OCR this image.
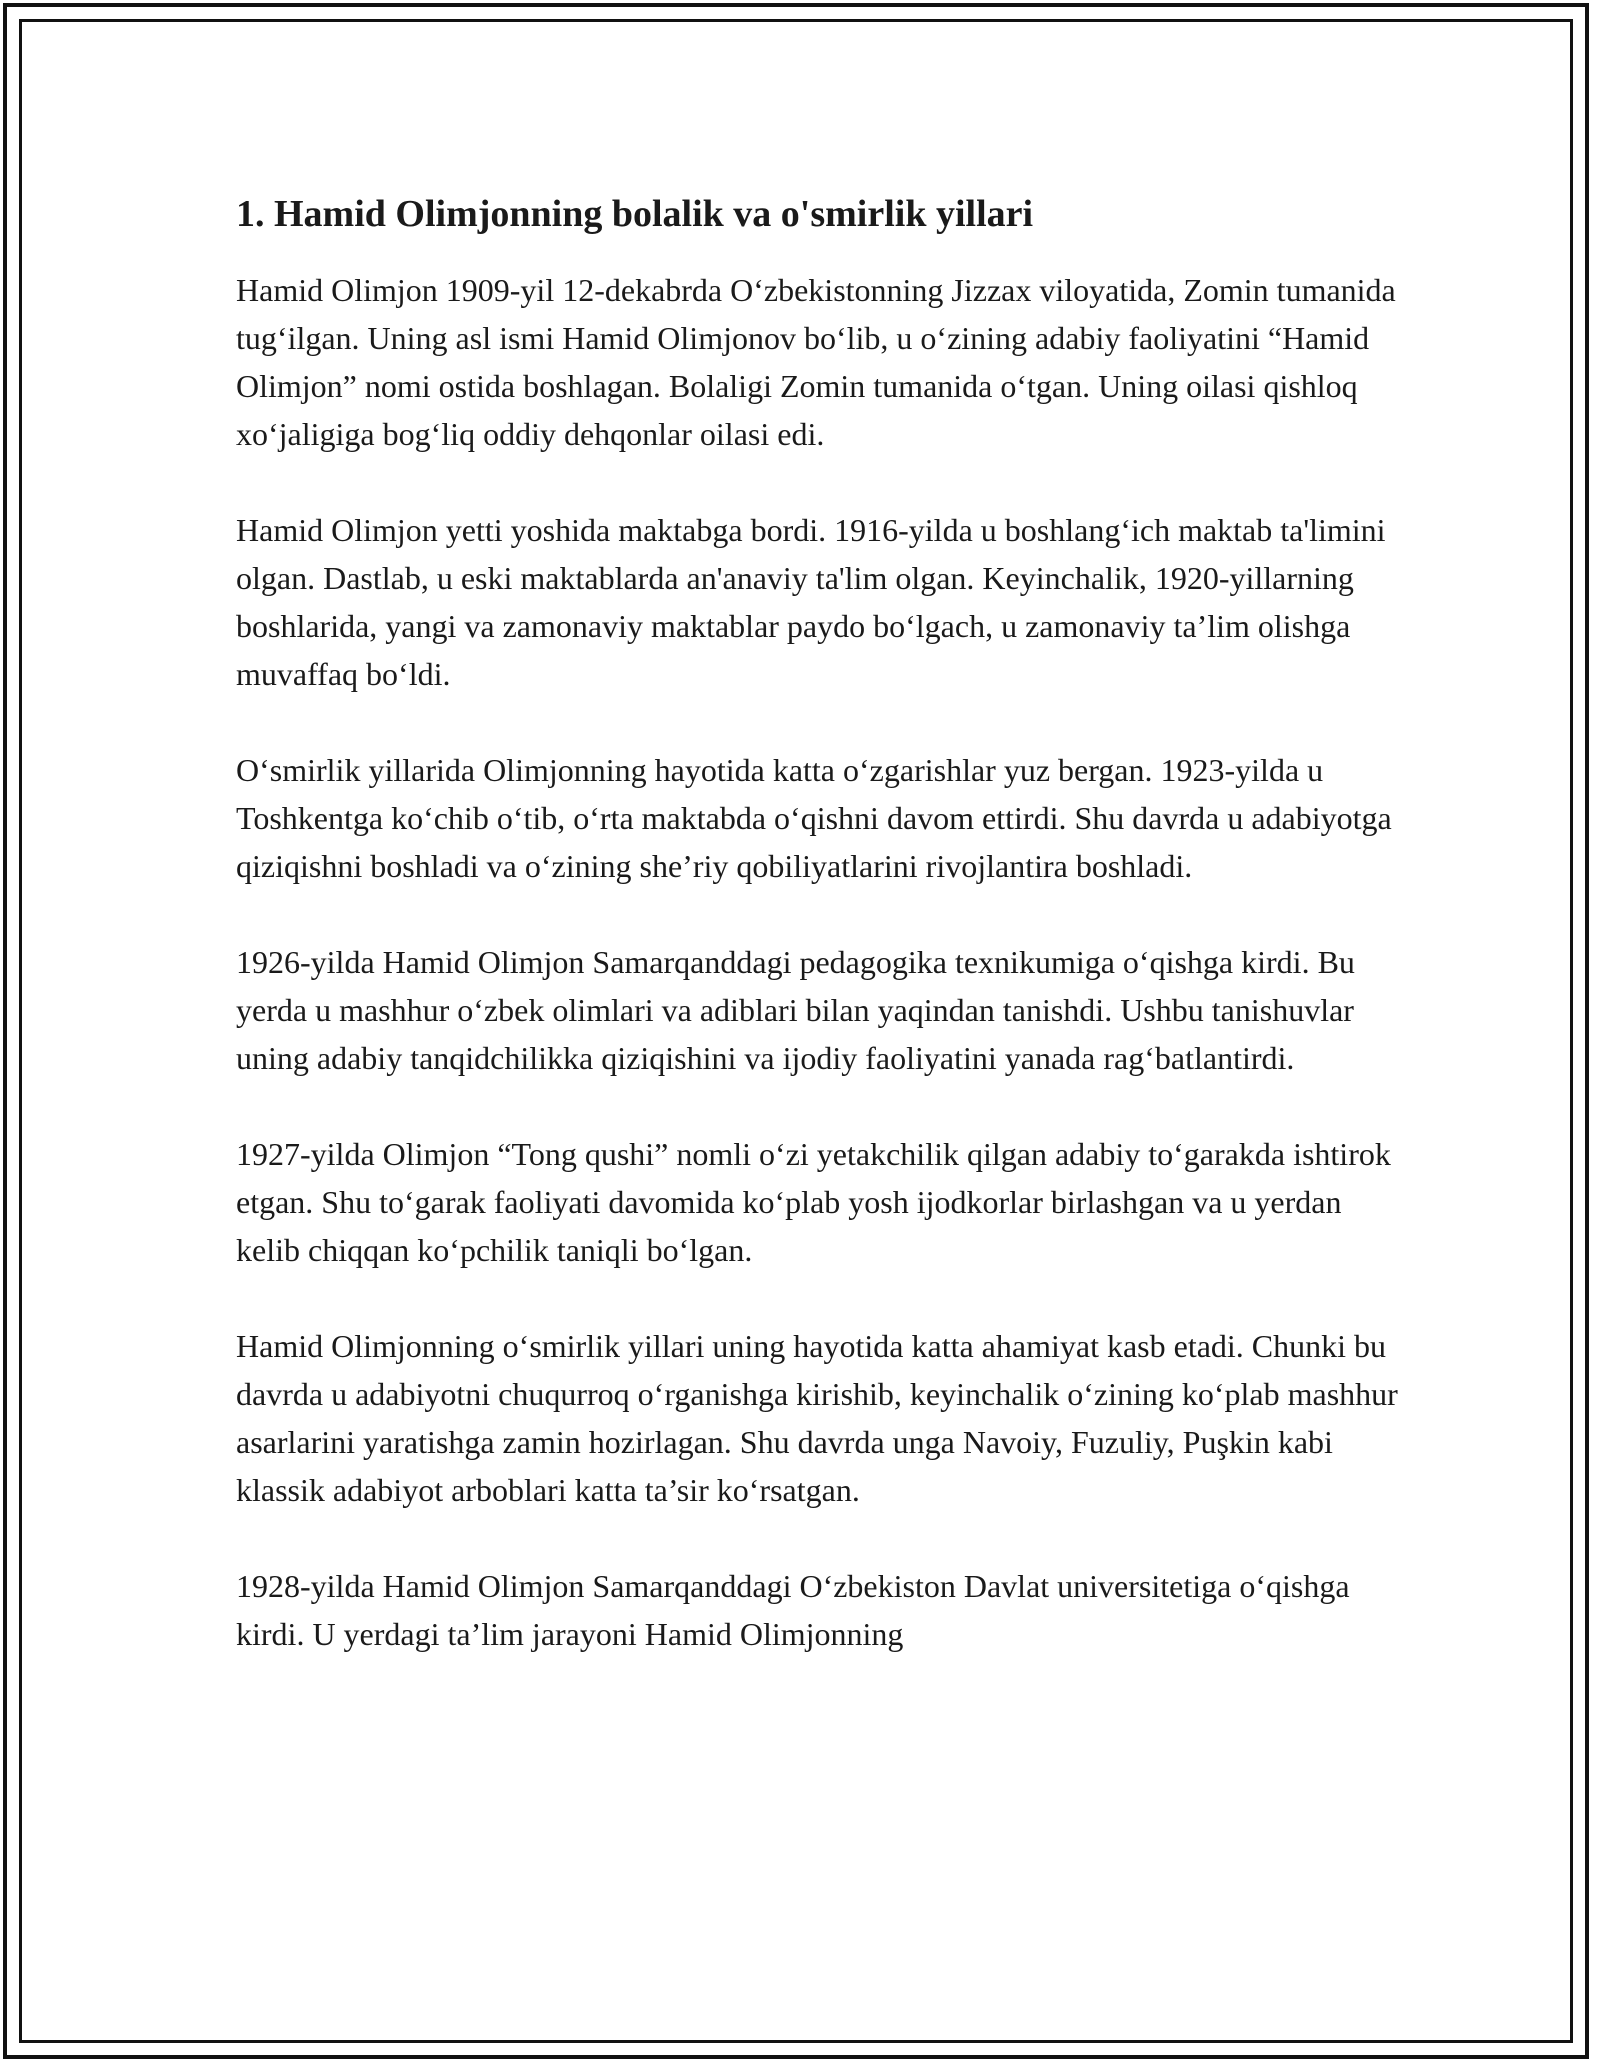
1. Hamid Olimjonning bolalik va o'smirlik yillari

Hamid Olimjon 1909-yil 12-dekabrda O‘zbekistonning Jizzax viloyatida, Zomin tumanida tug‘ilgan. Uning asl ismi Hamid Olimjonov bo‘lib, u o‘zining adabiy faoliyatini “Hamid Olimjon” nomi ostida boshlagan. Bolaligi Zomin tumanida o‘tgan. Uning oilasi qishloq xo‘jaligiga bog‘liq oddiy dehqonlar oilasi edi.

Hamid Olimjon yetti yoshida maktabga bordi. 1916-yilda u boshlang‘ich maktab ta'limini olgan. Dastlab, u eski maktablarda an'anaviy ta'lim olgan. Keyinchalik, 1920-yillarning boshlarida, yangi va zamonaviy maktablar paydo bo‘lgach, u zamonaviy ta’lim olishga muvaffaq bo‘ldi.

O‘smirlik yillarida Olimjonning hayotida katta o‘zgarishlar yuz bergan. 1923-yilda u Toshkentga ko‘chib o‘tib, o‘rta maktabda o‘qishni davom ettirdi. Shu davrda u adabiyotga qiziqishni boshladi va o‘zining she’riy qobiliyatlarini rivojlantira boshladi.

1926-yilda Hamid Olimjon Samarqanddagi pedagogika texnikumiga o‘qishga kirdi. Bu yerda u mashhur o‘zbek olimlari va adiblari bilan yaqindan tanishdi. Ushbu tanishuvlar uning adabiy tanqidchilikka qiziqishini va ijodiy faoliyatini yanada rag‘batlantirdi.

1927-yilda Olimjon “Tong qushi” nomli o‘zi yetakchilik qilgan adabiy to‘garakda ishtirok etgan. Shu to‘garak faoliyati davomida ko‘plab yosh ijodkorlar birlashgan va u yerdan kelib chiqqan ko‘pchilik taniqli bo‘lgan.

Hamid Olimjonning o‘smirlik yillari uning hayotida katta ahamiyat kasb etadi. Chunki bu davrda u adabiyotni chuqurroq o‘rganishga kirishib, keyinchalik o‘zining ko‘plab mashhur asarlarini yaratishga zamin hozirlagan. Shu davrda unga Navoiy, Fuzuliy, Puşkin kabi klassik adabiyot arboblari katta ta’sir ko‘rsatgan.

1928-yilda Hamid Olimjon Samarqanddagi O‘zbekiston Davlat universitetiga o‘qishga kirdi. U yerdagi ta’lim jarayoni Hamid Olimjonning
